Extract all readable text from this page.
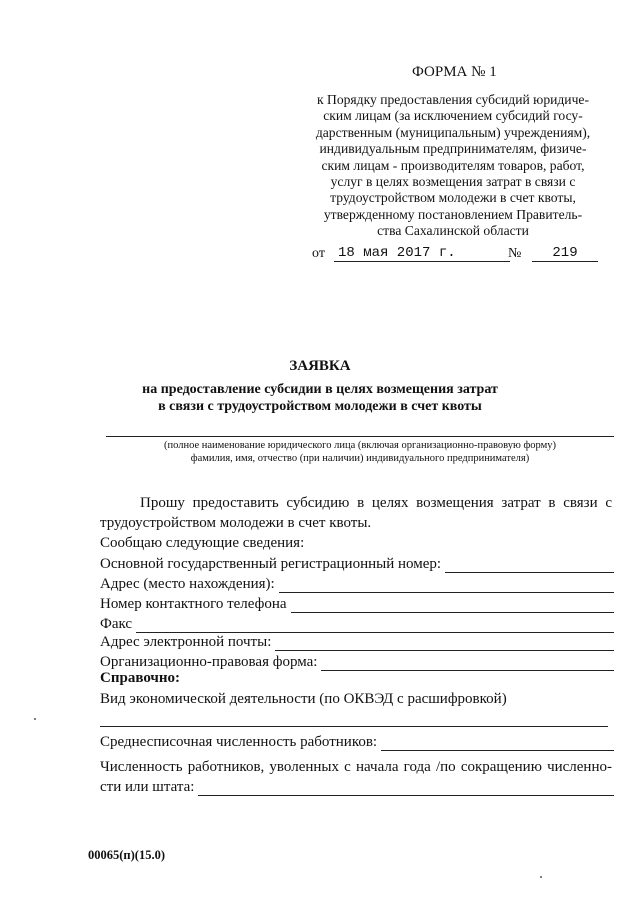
ФОРМА № 1
к Порядку предоставления субсидий юридиче-
ским лицам (за исключением субсидий госу-
дарственным (муниципальным) учреждениям),
индивидуальным предпринимателям, физиче-
ским лицам - производителям товаров, работ,
услуг в целях возмещения затрат в связи с
трудоустройством молодежи в счет квоты,
утвержденному постановлением Правитель-
ства Сахалинской области
от 18 мая 2017 г.	№	219
ЗАЯВКА
на предоставление субсидии в целях возмещения затрат
в связи с трудоустройством молодежи в счет квоты
(полное наименование юридического лица (включая организационно-правовую форму)
фамилия, имя, отчество (при наличии) индивидуального предпринимателя)
Прошу предоставить субсидию в целях возмещения затрат в связи с трудоустройством молодежи в счет квоты.
Сообщаю следующие сведения:
Основной государственный регистрационный номер:
Адрес (место нахождения):
Номер контактного телефона
Факс
Адрес электронной почты:
Организационно-правовая форма:
Справочно:
Вид экономической деятельности (по ОКВЭД с расшифровкой)
Среднесписочная численность работников:
Численность работников, уволенных с начала года /по сокращению численно-
сти или штата:
00065(п)(15.0)
